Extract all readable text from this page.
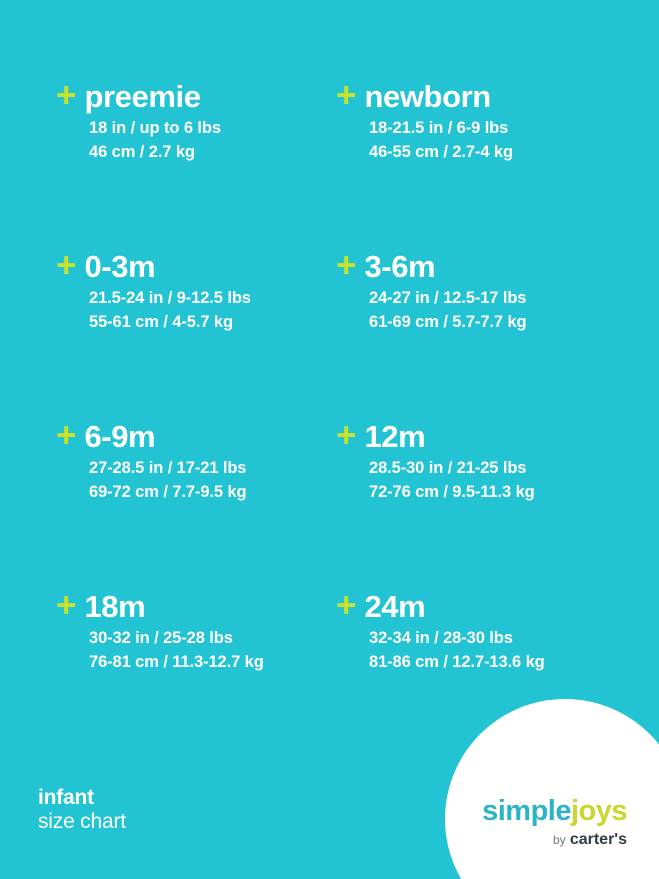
+ preemie
18 in / up to 6 lbs
46 cm / 2.7 kg
+ newborn
18-21.5 in / 6-9 lbs
46-55 cm / 2.7-4 kg
+ 0-3m
21.5-24 in / 9-12.5 lbs
55-61 cm / 4-5.7 kg
+ 3-6m
24-27 in / 12.5-17 lbs
61-69 cm / 5.7-7.7 kg
+ 6-9m
27-28.5 in / 17-21 lbs
69-72 cm / 7.7-9.5 kg
+ 12m
28.5-30 in / 21-25 lbs
72-76 cm / 9.5-11.3 kg
+ 18m
30-32 in / 25-28 lbs
76-81 cm / 11.3-12.7 kg
+ 24m
32-34 in / 28-30 lbs
81-86 cm / 12.7-13.6 kg
infant
size chart	simplejoys
by carter's
